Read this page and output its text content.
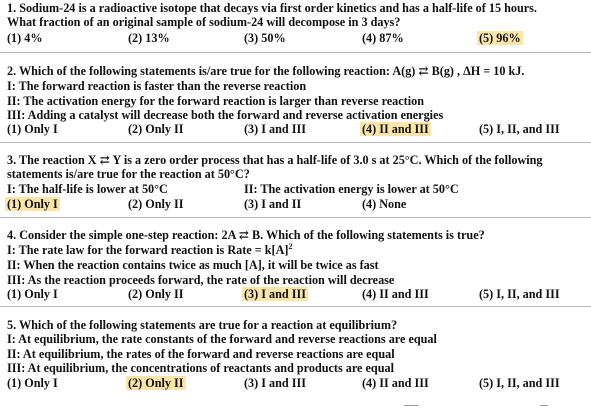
1. Sodium-24 is a radioactive isotope that decays via first order kinetics and has a half-life of 15 hours.
What fraction of an original sample of sodium-24 will decompose in 3 days?
(1) 4%	(2) 13%	(3) 50%	(4) 87%	(5) 96%
2. Which of the following statements is/are true for the following reaction: A(g) ⇄ B(g) , ΔH = 10 kJ.
I: The forward reaction is faster than the reverse reaction
II: The activation energy for the forward reaction is larger than reverse reaction
III: Adding a catalyst will decrease both the forward and reverse activation energies
(1) Only I	(2) Only II	(3) I and III	(4) II and III	(5) I, II, and III
3. The reaction X ⇄ Y is a zero order process that has a half-life of 3.0 s at 25°C. Which of the following
statements is/are true for the reaction at 50°C?
I: The half-life is lower at 50°C	II: The activation energy is lower at 50°C
(1) Only I	(2) Only II	(3) I and II	(4) None
4. Consider the simple one-step reaction: 2A ⇄ B. Which of the following statements is true?
I: The rate law for the forward reaction is Rate = $k[A]^2$
II: When the reaction contains twice as much [A], it will be twice as fast
III: As the reaction proceeds forward, the rate of the reaction will decrease
(1) Only I	(2) Only II	(3) I and III	(4) II and III	(5) I, II, and III
5. Which of the following statements are true for a reaction at equilibrium?
I: At equilibrium, the rate constants of the forward and reverse reactions are equal
II: At equilibrium, the rates of the forward and reverse reactions are equal
III: At equilibrium, the concentrations of reactants and products are equal
(1) Only I	(2) Only II	(3) I and III	(4) II and III	(5) I, II, and III
